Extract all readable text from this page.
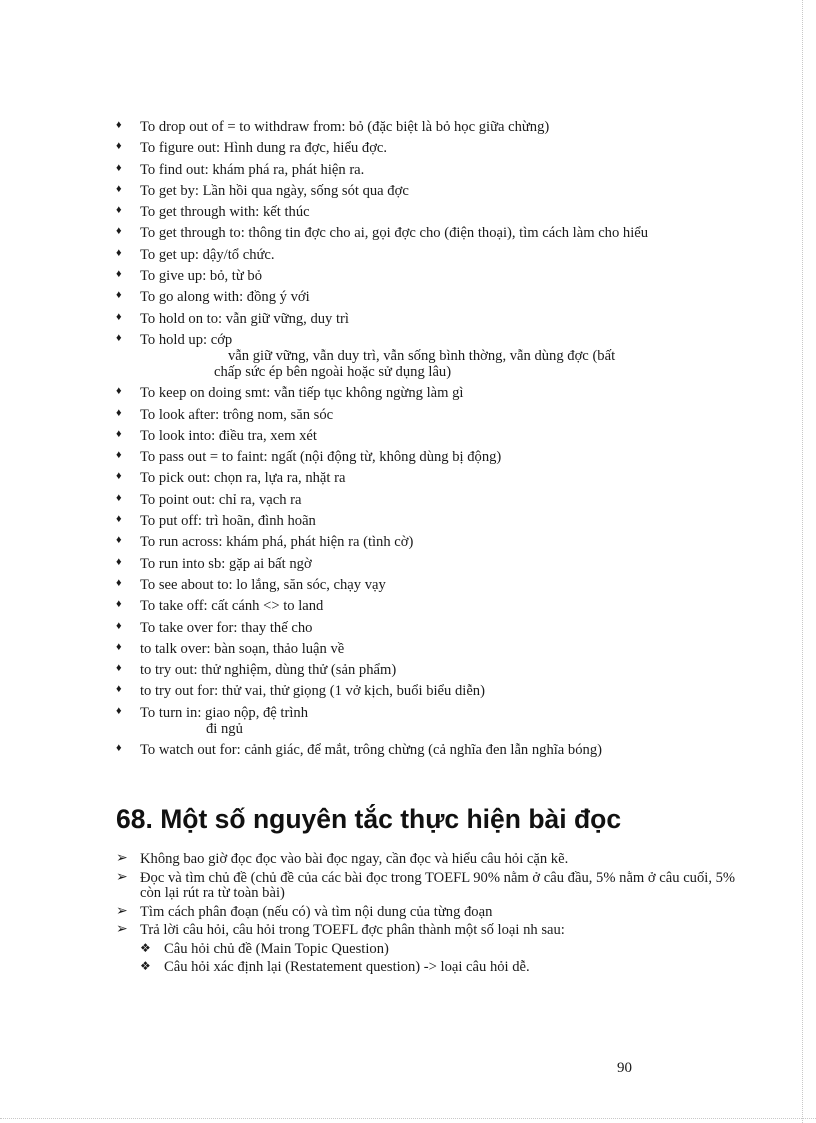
♦ To drop out of = to withdraw from: bỏ (đặc biệt là bỏ học giữa chừng)
♦ To figure out: Hình dung ra đợc, hiểu đợc.
♦ To find out: khám phá ra, phát hiện ra.
♦ To get by: Lần hồi qua ngày, sống sót qua đợc
♦ To get through with: kết thúc
♦ To get through to: thông tin đợc cho ai, gọi đợc cho (điện thoại), tìm cách làm cho hiểu
♦ To get up: dậy/tổ chức.
♦ To give up: bỏ, từ bỏ
♦ To go along with: đồng ý với
♦ To hold on to: vẫn giữ vững, duy trì
♦ To hold up: cớp
vẫn giữ vững, vẫn duy trì, vẫn sống bình thờng, vẫn dùng đợc (bất
chấp sức ép bên ngoài hoặc sử dụng lâu)
♦ To keep on doing smt: vẫn tiếp tục không ngừng làm gì
♦ To look after: trông nom, săn sóc
♦ To look into: điều tra, xem xét
♦ To pass out = to faint: ngất (nội động từ, không dùng bị động)
♦ To pick out: chọn ra, lựa ra, nhặt ra
♦ To point out: chỉ ra, vạch ra
♦ To put off: trì hoãn, đình hoãn
♦ To run across: khám phá, phát hiện ra (tình cờ)
♦ To run into sb: gặp ai bất ngờ
♦ To see about to: lo lắng, săn sóc, chạy vạy
♦ To take off: cất cánh <> to land
♦ To take over for: thay thế cho
♦ to talk over: bàn soạn, thảo luận về
♦ to try out: thử nghiệm, dùng thử (sản phẩm)
♦ to try out for: thử vai, thử giọng (1 vở kịch, buổi biểu diễn)
♦ To turn in: giao nộp, đệ trình
đi ngủ
♦ To watch out for: cảnh giác, để mắt, trông chừng (cả nghĩa đen lẫn nghĩa bóng)
68. Một số nguyên tắc thực hiện bài đọc
➢ Không bao giờ đọc đọc vào bài đọc ngay, cần đọc và hiểu câu hỏi cặn kẽ.
➢ Đọc và tìm chủ đề (chủ đề của các bài đọc trong TOEFL 90% nằm ở câu đầu, 5% nằm ở câu cuối, 5% còn lại rút ra từ toàn bài)
➢ Tìm cách phân đoạn (nếu có) và tìm nội dung của từng đoạn
➢ Trả lời câu hỏi, câu hỏi trong TOEFL đợc phân thành một số loại nh sau:
❖ Câu hỏi chủ đề (Main Topic Question)
❖ Câu hỏi xác định lại (Restatement question) -> loại câu hỏi dễ.
90
